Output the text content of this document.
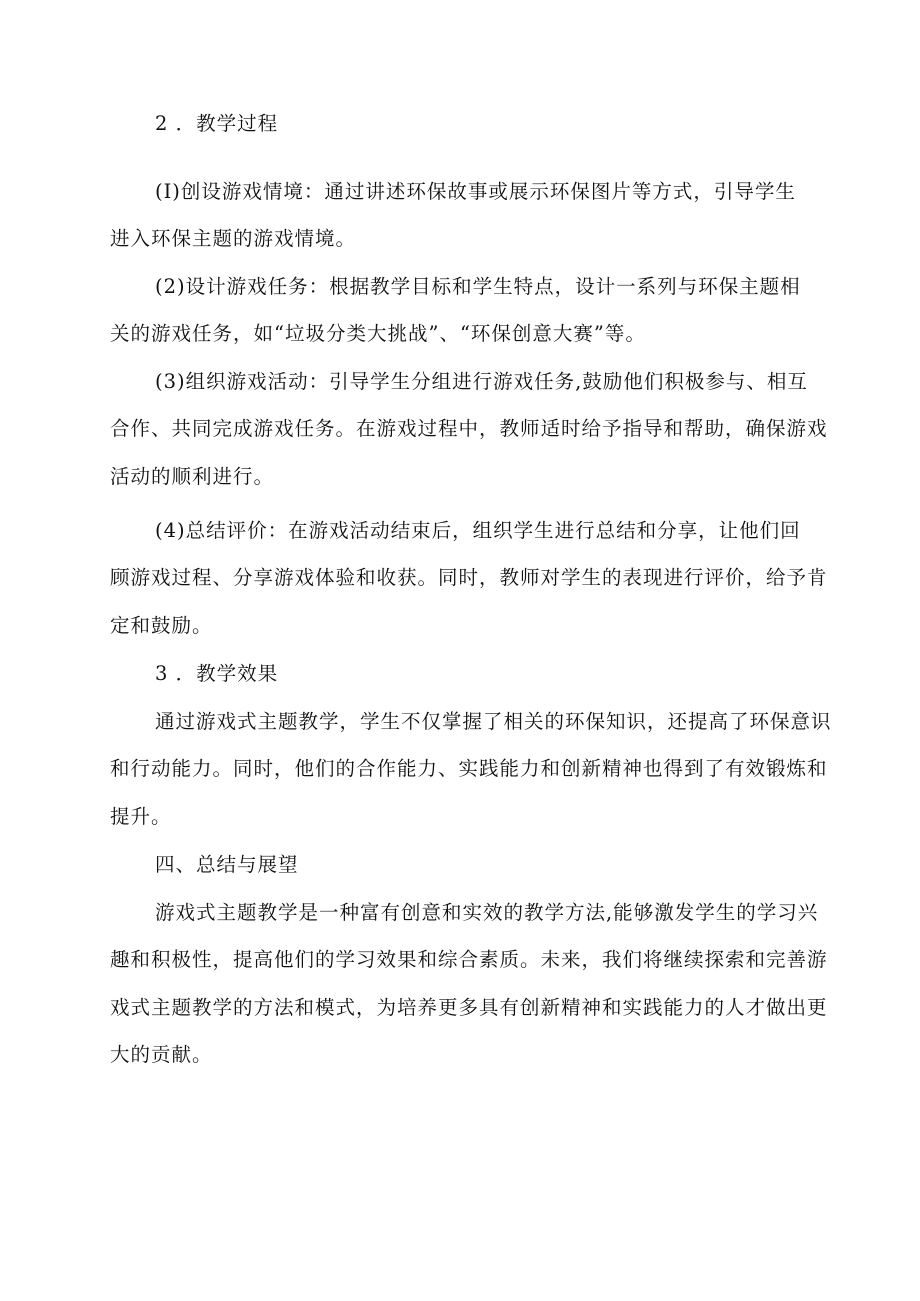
2 ．教学过程
(I)创设游戏情境：通过讲述环保故事或展示环保图片等方式，引导学生
进入环保主题的游戏情境。
(2)设计游戏任务：根据教学目标和学生特点，设计一系列与环保主题相
关的游戏任务，如“垃圾分类大挑战”、“环保创意大赛”等。
(3)组织游戏活动：引导学生分组进行游戏任务,鼓励他们积极参与、相互
合作、共同完成游戏任务。在游戏过程中，教师适时给予指导和帮助，确保游戏
活动的顺利进行。
(4)总结评价：在游戏活动结束后，组织学生进行总结和分享，让他们回
顾游戏过程、分享游戏体验和收获。同时，教师对学生的表现进行评价，给予肯
定和鼓励。
3 ．教学效果
通过游戏式主题教学，学生不仅掌握了相关的环保知识，还提高了环保意识
和行动能力。同时，他们的合作能力、实践能力和创新精神也得到了有效锻炼和
提升。
四、总结与展望
游戏式主题教学是一种富有创意和实效的教学方法,能够激发学生的学习兴
趣和积极性，提高他们的学习效果和综合素质。未来，我们将继续探索和完善游
戏式主题教学的方法和模式，为培养更多具有创新精神和实践能力的人才做出更
大的贡献。
